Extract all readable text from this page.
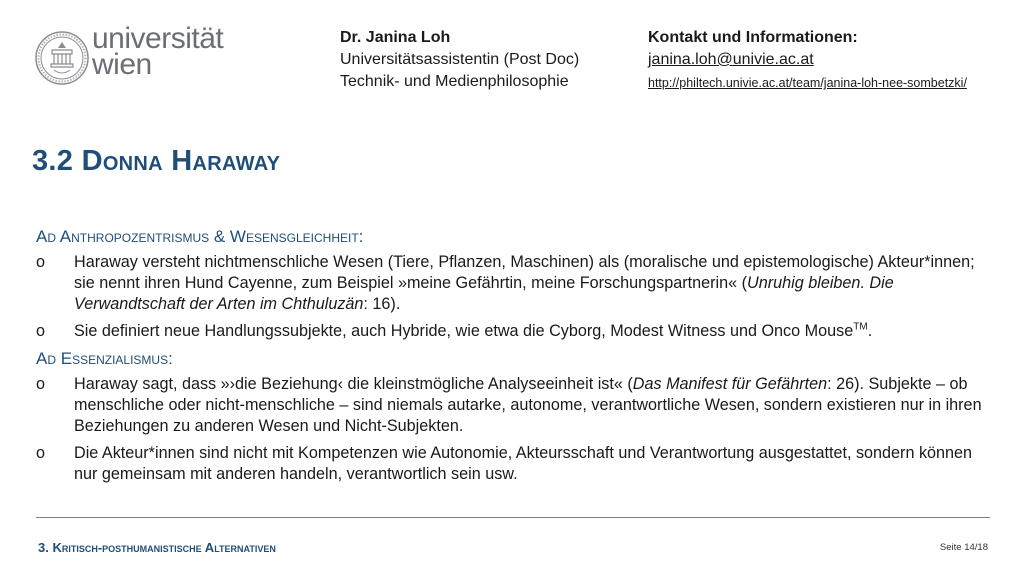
universität
wien
Dr. Janina Loh
Universitätsassistentin (Post Doc)
Technik- und Medienphilosophie
Kontakt und Informationen:
janina.loh@univie.ac.at
http://philtech.univie.ac.at/team/janina-loh-nee-sombetzki/
3.2 Donna Haraway
Ad Anthropozentrismus & Wesensgleichheit:
o Haraway versteht nichtmenschliche Wesen (Tiere, Pflanzen, Maschinen) als (moralische und epistemologische) Akteur*innen; sie nennt ihren Hund Cayenne, zum Beispiel »meine Gefährtin, meine Forschungspartnerin« (Unruhig bleiben. Die Verwandtschaft der Arten im Chthuluzän: 16).
o Sie definiert neue Handlungssubjekte, auch Hybride, wie etwa die Cyborg, Modest Witness und Onco Mouse™.
Ad Essenzialismus:
o Haraway sagt, dass »›die Beziehung‹ die kleinstmögliche Analyseeinheit ist« (Das Manifest für Gefährten: 26). Subjekte – ob menschliche oder nicht-menschliche – sind niemals autarke, autonome, verantwortliche Wesen, sondern existieren nur in ihren Beziehungen zu anderen Wesen und Nicht-Subjekten.
o Die Akteur*innen sind nicht mit Kompetenzen wie Autonomie, Akteursschaft und Verantwortung ausgestattet, sondern können nur gemeinsam mit anderen handeln, verantwortlich sein usw.
3. Kritisch-posthumanistische Alternativen	Seite 14/18
